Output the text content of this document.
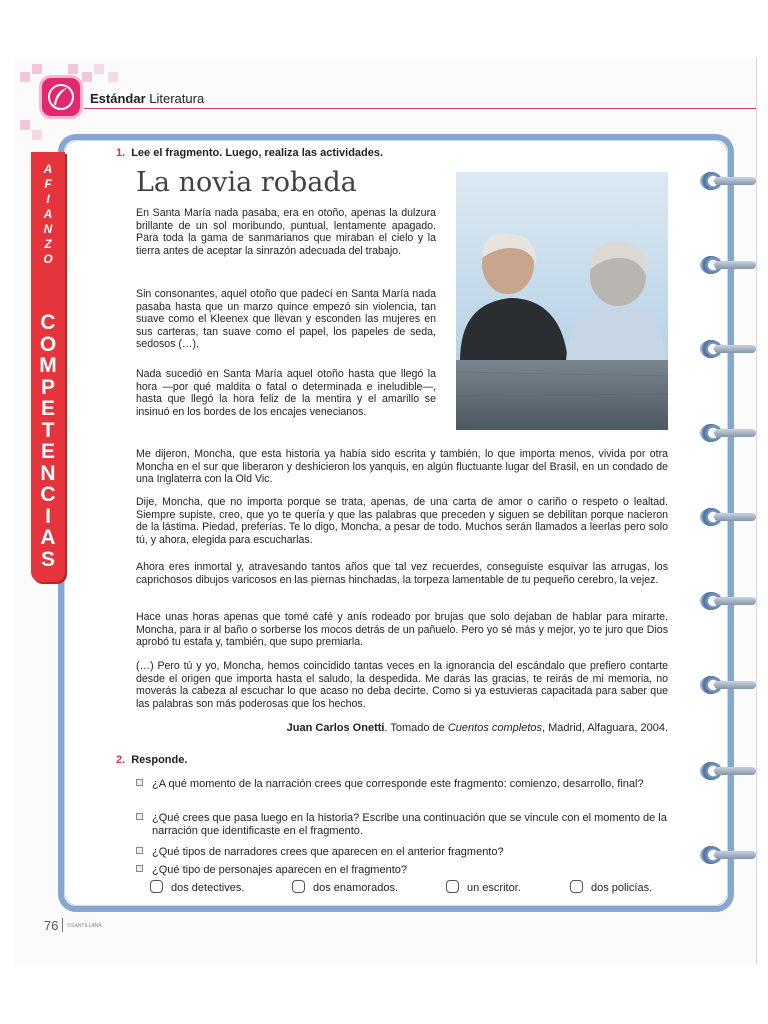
Estándar Literatura
A
F
I
A
N
Z
O
C
O
M
P
E
T
E
N
C
I
A
S
1. Lee el fragmento. Luego, realiza las actividades.
La novia robada

En Santa María nada pasaba, era en otoño, apenas la dulzura brillante de un sol moribundo, puntual, lentamente apagado. Para toda la gama de sanmarianos que miraban el cielo y la tierra antes de aceptar la sinrazón adecuada del trabajo.

Sin consonantes, aquel otoño que padecí en Santa María nada pasaba hasta que un marzo quince empezó sin violencia, tan suave como el Kleenex que llevan y esconden las mujeres en sus carteras, tan suave como el papel, los papeles de seda, sedosos (…).

Nada sucedió en Santa María aquel otoño hasta que llegó la hora —por qué maldita o fatal o determinada e ineludible—, hasta que llegó la hora feliz de la mentira y el amarillo se insinuó en los bordes de los encajes venecianos.

Me dijeron, Moncha, que esta historia ya había sido escrita y también, lo que importa menos, vivida por otra Moncha en el sur que liberaron y deshicieron los yanquis, en algún fluctuante lugar del Brasil, en un condado de una Inglaterra con la Old Vic.

Dije, Moncha, que no importa porque se trata, apenas, de una carta de amor o cariño o respeto o lealtad. Siempre supiste, creo, que yo te quería y que las palabras que preceden y siguen se debilitan porque nacieron de la lástima. Piedad, preferías. Te lo digo, Moncha, a pesar de todo. Muchos serán llamados a leerlas pero solo tú, y ahora, elegida para escucharlas.

Ahora eres inmortal y, atravesando tantos años que tal vez recuerdes, conseguiste esquivar las arrugas, los caprichosos dibujos varicosos en las piernas hinchadas, la torpeza lamentable de tu pequeño cerebro, la vejez.

Hace unas horas apenas que tomé café y anís rodeado por brujas que solo dejaban de hablar para mirarte. Moncha, para ir al baño o sorberse los mocos detrás de un pañuelo. Pero yo sé más y mejor, yo te juro que Dios aprobó tu estafa y, también, que supo premiarla.

(…) Pero tú y yo, Moncha, hemos coincidido tantas veces en la ignorancia del escándalo que prefiero contarte desde el origen que importa hasta el saludo, la despedida. Me darás las gracias, te reirás de mi memoria, no moverás la cabeza al escuchar lo que acaso no deba decirte. Como si ya estuvieras capacitada para saber que las palabras son más poderosas que los hechos.

Juan Carlos Onetti. Tomado de Cuentos completos, Madrid, Alfaguara, 2004.
2. Responde.
¿A qué momento de la narración crees que corresponde este fragmento: comienzo, desarrollo, final?
¿Qué crees que pasa luego en la historia? Escribe una continuación que se vincule con el momento de la narración que identificaste en el fragmento.
¿Qué tipos de narradores crees que aparecen en el anterior fragmento?
¿Qué tipo de personajes aparecen en el fragmento?
dos detectives.	dos enamorados.	un escritor.	dos policías.
76 $^{©SANTILLANA}$
